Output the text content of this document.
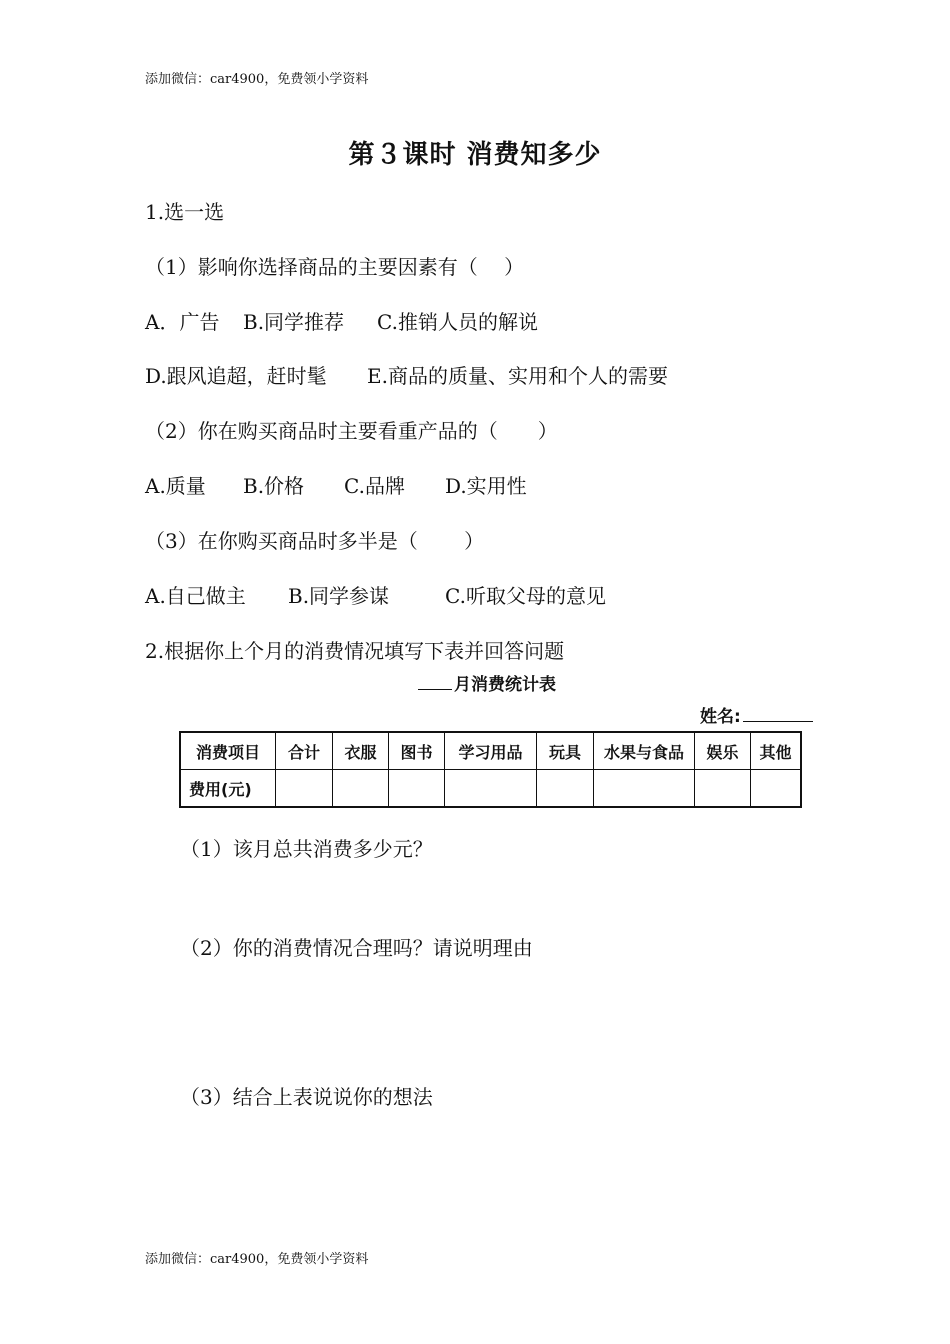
添加微信：car4900，免费领小学资料
第３课时 消费知多少
1.选一选
（1）影响你选择商品的主要因素有（　 ）
A．广告 B.同学推荐 C.推销人员的解说
D.跟风追超，赶时髦 E.商品的质量、实用和个人的需要
（2）你在购买商品时主要看重产品的（　　）
A.质量 B.价格 C.品牌 D.实用性
（3）在你购买商品时多半是（　　 ）
A.自己做主 B.同学参谋	C.听取父母的意见
2.根据你上个月的消费情况填写下表并回答问题
月消费统计表
姓名:
消费项目	合计	衣服	图书	学习用品	玩具	水果与食品	娱乐	其他
费用(元)								
（1）该月总共消费多少元？
（2）你的消费情况合理吗？请说明理由
（3）结合上表说说你的想法
添加微信：car4900，免费领小学资料
